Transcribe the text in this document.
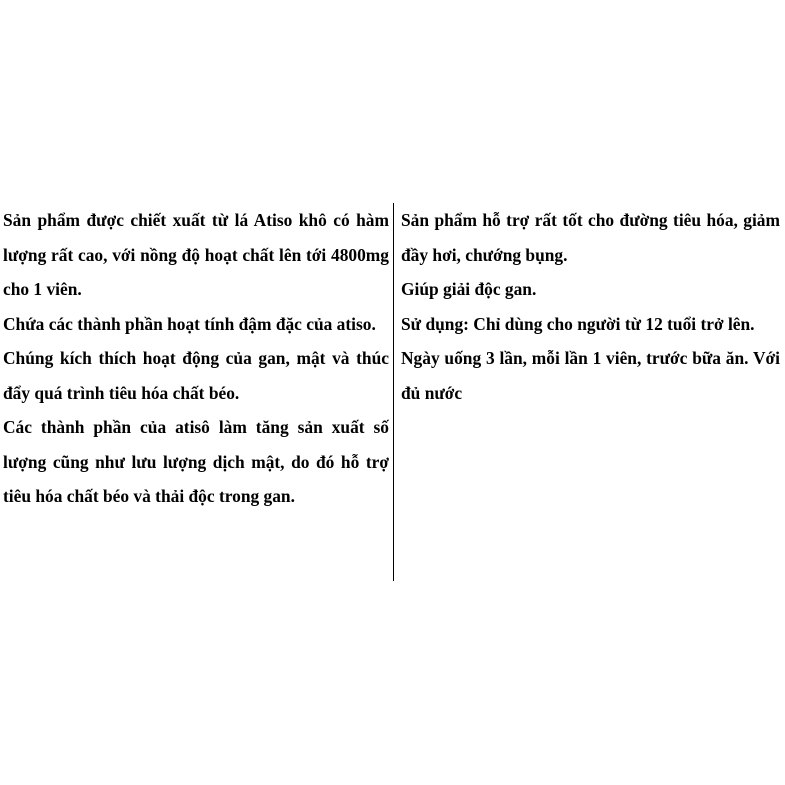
Sản phẩm được chiết xuất từ lá Atiso khô có hàm lượng rất cao, với nồng độ hoạt chất lên tới 4800mg cho 1 viên.

Chứa các thành phần hoạt tính đậm đặc của atiso.

Chúng kích thích hoạt động của gan, mật và thúc đẩy quá trình tiêu hóa chất béo.

Các thành phần của atisô làm tăng sản xuất số lượng cũng như lưu lượng dịch mật, do đó hỗ trợ tiêu hóa chất béo và thải độc trong gan.

Sản phẩm hỗ trợ rất tốt cho đường tiêu hóa, giảm đầy hơi, chướng bụng.

Giúp giải độc gan.

Sử dụng: Chỉ dùng cho người từ 12 tuổi trở lên.

Ngày uống 3 lần, mỗi lần 1 viên, trước bữa ăn. Với đủ nước
